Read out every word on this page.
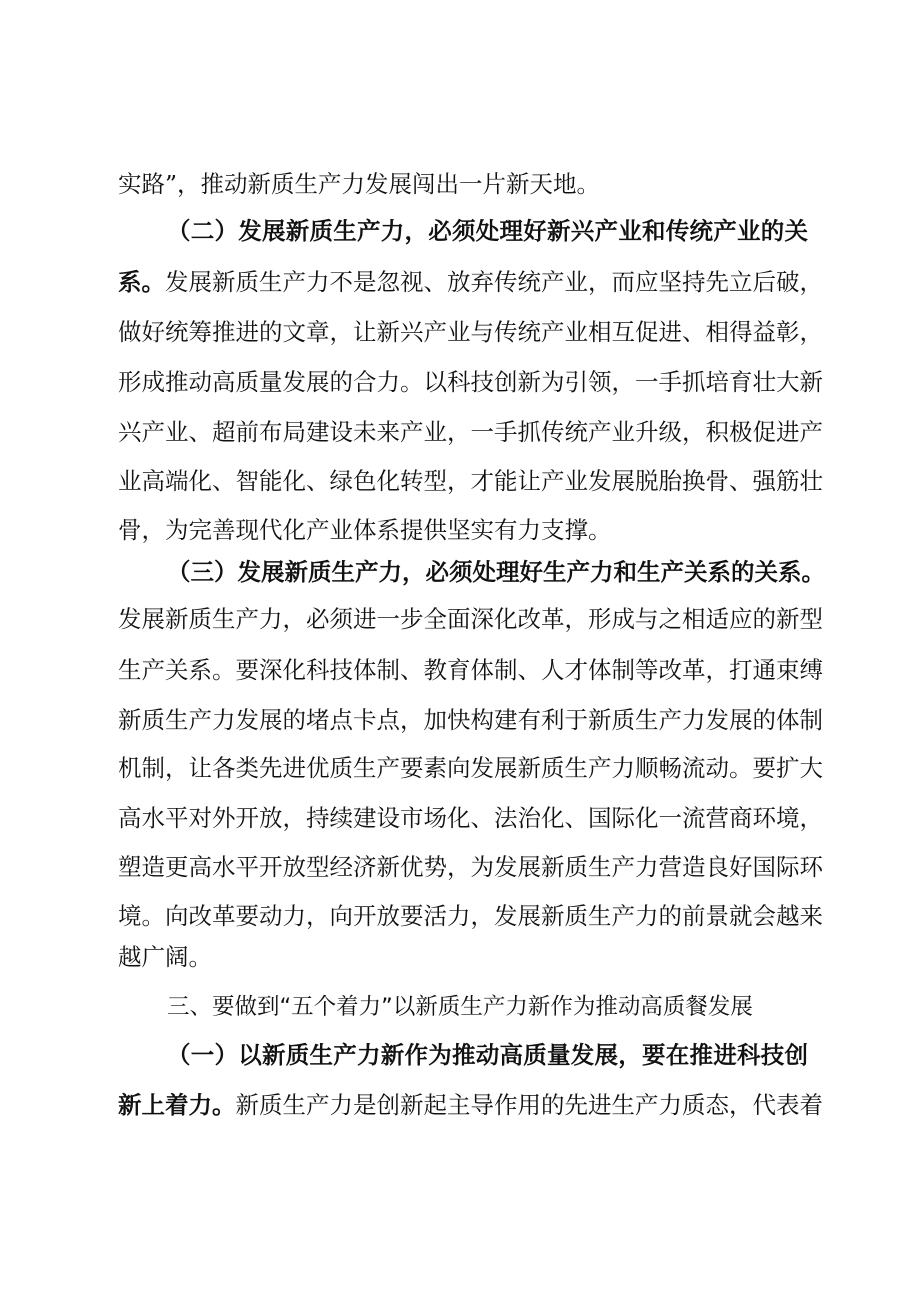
实路”，推动新质生产力发展闯出一片新天地。
（二）发展新质生产力，必须处理好新兴产业和传统产业的关
系。发展新质生产力不是忽视、放弃传统产业，而应坚持先立后破，
做好统筹推进的文章，让新兴产业与传统产业相互促进、相得益彰，
形成推动高质量发展的合力。以科技创新为引领，一手抓培育壮大新
兴产业、超前布局建设未来产业，一手抓传统产业升级，积极促进产
业高端化、智能化、绿色化转型，才能让产业发展脱胎换骨、强筋壮
骨，为完善现代化产业体系提供坚实有力支撑。
（三）发展新质生产力，必须处理好生产力和生产关系的关系。
发展新质生产力，必须进一步全面深化改革，形成与之相适应的新型
生产关系。要深化科技体制、教育体制、人才体制等改革，打通束缚
新质生产力发展的堵点卡点，加快构建有利于新质生产力发展的体制
机制，让各类先进优质生产要素向发展新质生产力顺畅流动。要扩大
高水平对外开放，持续建设市场化、法治化、国际化一流营商环境，
塑造更高水平开放型经济新优势，为发展新质生产力营造良好国际环
境。向改革要动力，向开放要活力，发展新质生产力的前景就会越来
越广阔。
三、要做到“五个着力”以新质生产力新作为推动高质餐发展
（一）以新质生产力新作为推动高质量发展，要在推进科技创
新上着力。新质生产力是创新起主导作用的先进生产力质态，代表着
